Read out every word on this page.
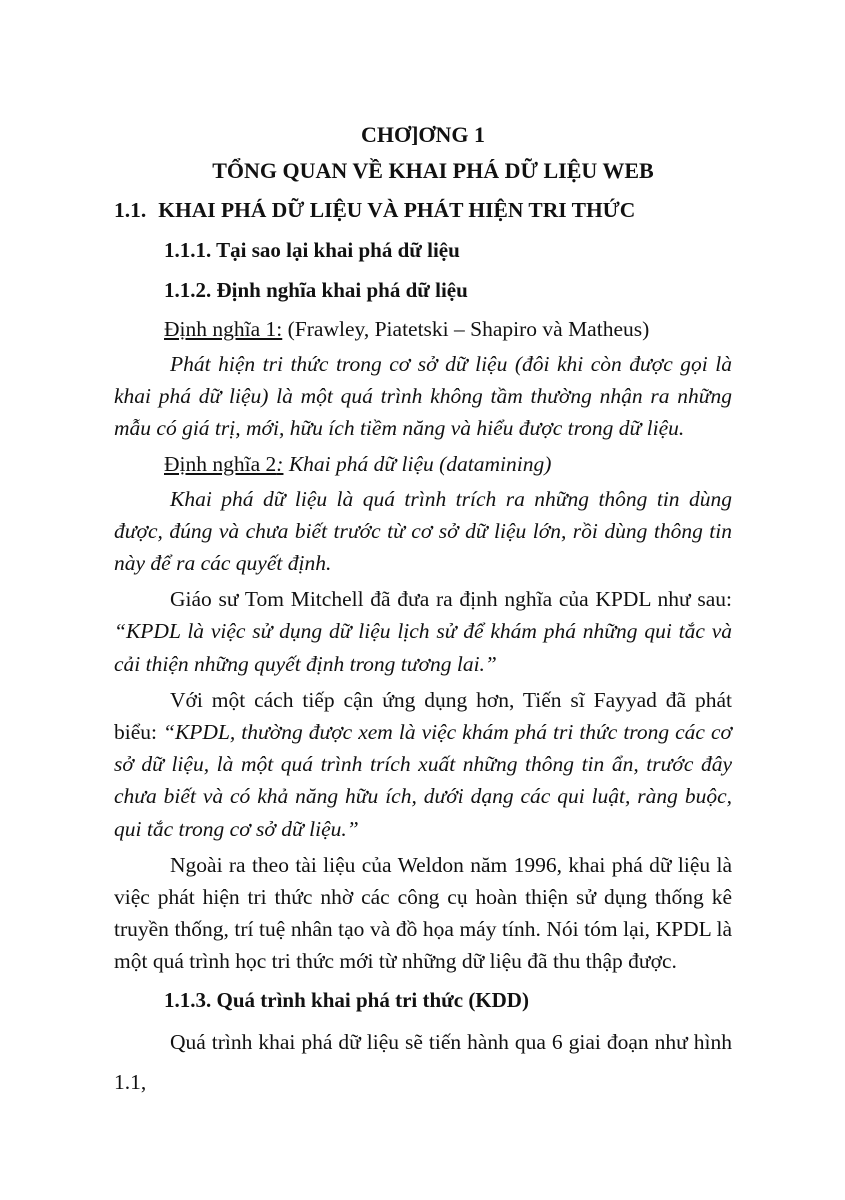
CHƠ]ƠNG 1

TỔNG QUAN VỀ KHAI PHÁ DỮ LIỆU WEB

1.1. KHAI PHÁ DỮ LIỆU VÀ PHÁT HIỆN TRI THỨC

1.1.1. Tại sao lại khai phá dữ liệu

1.1.2. Định nghĩa khai phá dữ liệu

Định nghĩa 1: (Frawley, Piatetski – Shapiro và Matheus)

Phát hiện tri thức trong cơ sở dữ liệu (đôi khi còn được gọi là khai phá dữ liệu) là một quá trình không tầm thường nhận ra những mẫu có giá trị, mới, hữu ích tiềm năng và hiểu được trong dữ liệu.

Định nghĩa 2: Khai phá dữ liệu (datamining)

Khai phá dữ liệu là quá trình trích ra những thông tin dùng được, đúng và chưa biết trước từ cơ sở dữ liệu lớn, rồi dùng thông tin này để ra các quyết định.

Giáo sư Tom Mitchell đã đưa ra định nghĩa của KPDL như sau: “KPDL là việc sử dụng dữ liệu lịch sử để khám phá những qui tắc và cải thiện những quyết định trong tương lai.”

Với một cách tiếp cận ứng dụng hơn, Tiến sĩ Fayyad đã phát biểu: “KPDL, thường được xem là việc khám phá tri thức trong các cơ sở dữ liệu, là một quá trình trích xuất những thông tin ẩn, trước đây chưa biết và có khả năng hữu ích, dưới dạng các qui luật, ràng buộc, qui tắc trong cơ sở dữ liệu.”

Ngoài ra theo tài liệu của Weldon năm 1996, khai phá dữ liệu là việc phát hiện tri thức nhờ các công cụ hoàn thiện sử dụng thống kê truyền thống, trí tuệ nhân tạo và đồ họa máy tính. Nói tóm lại, KPDL là một quá trình học tri thức mới từ những dữ liệu đã thu thập được.

1.1.3. Quá trình khai phá tri thức (KDD)

Quá trình khai phá dữ liệu sẽ tiến hành qua 6 giai đoạn như hình 1.1,
